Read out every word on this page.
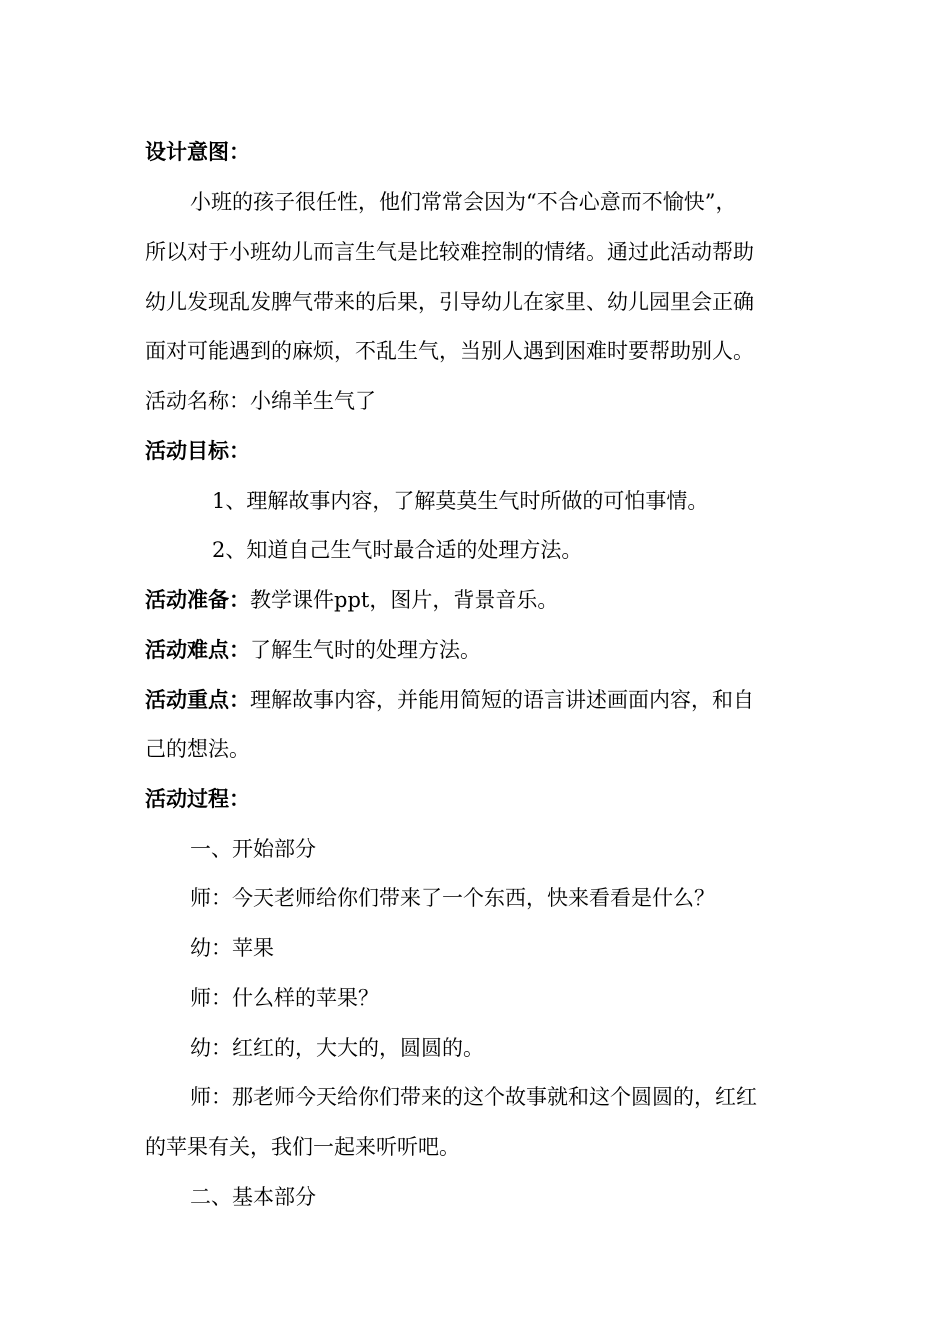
设计意图：
小班的孩子很任性，他们常常会因为“不合心意而不愉快”，
所以对于小班幼儿而言生气是比较难控制的情绪。通过此活动帮助
幼儿发现乱发脾气带来的后果，引导幼儿在家里、幼儿园里会正确
面对可能遇到的麻烦，不乱生气，当别人遇到困难时要帮助别人。
活动名称：小绵羊生气了
活动目标：
1、理解故事内容，了解莫莫生气时所做的可怕事情。
2、知道自己生气时最合适的处理方法。
活动准备：教学课件ppt，图片，背景音乐。
活动难点：了解生气时的处理方法。
活动重点：理解故事内容，并能用简短的语言讲述画面内容，和自
己的想法。
活动过程：
一、开始部分
师：今天老师给你们带来了一个东西，快来看看是什么？
幼：苹果
师：什么样的苹果？
幼：红红的，大大的，圆圆的。
师：那老师今天给你们带来的这个故事就和这个圆圆的，红红
的苹果有关，我们一起来听听吧。
二、基本部分
